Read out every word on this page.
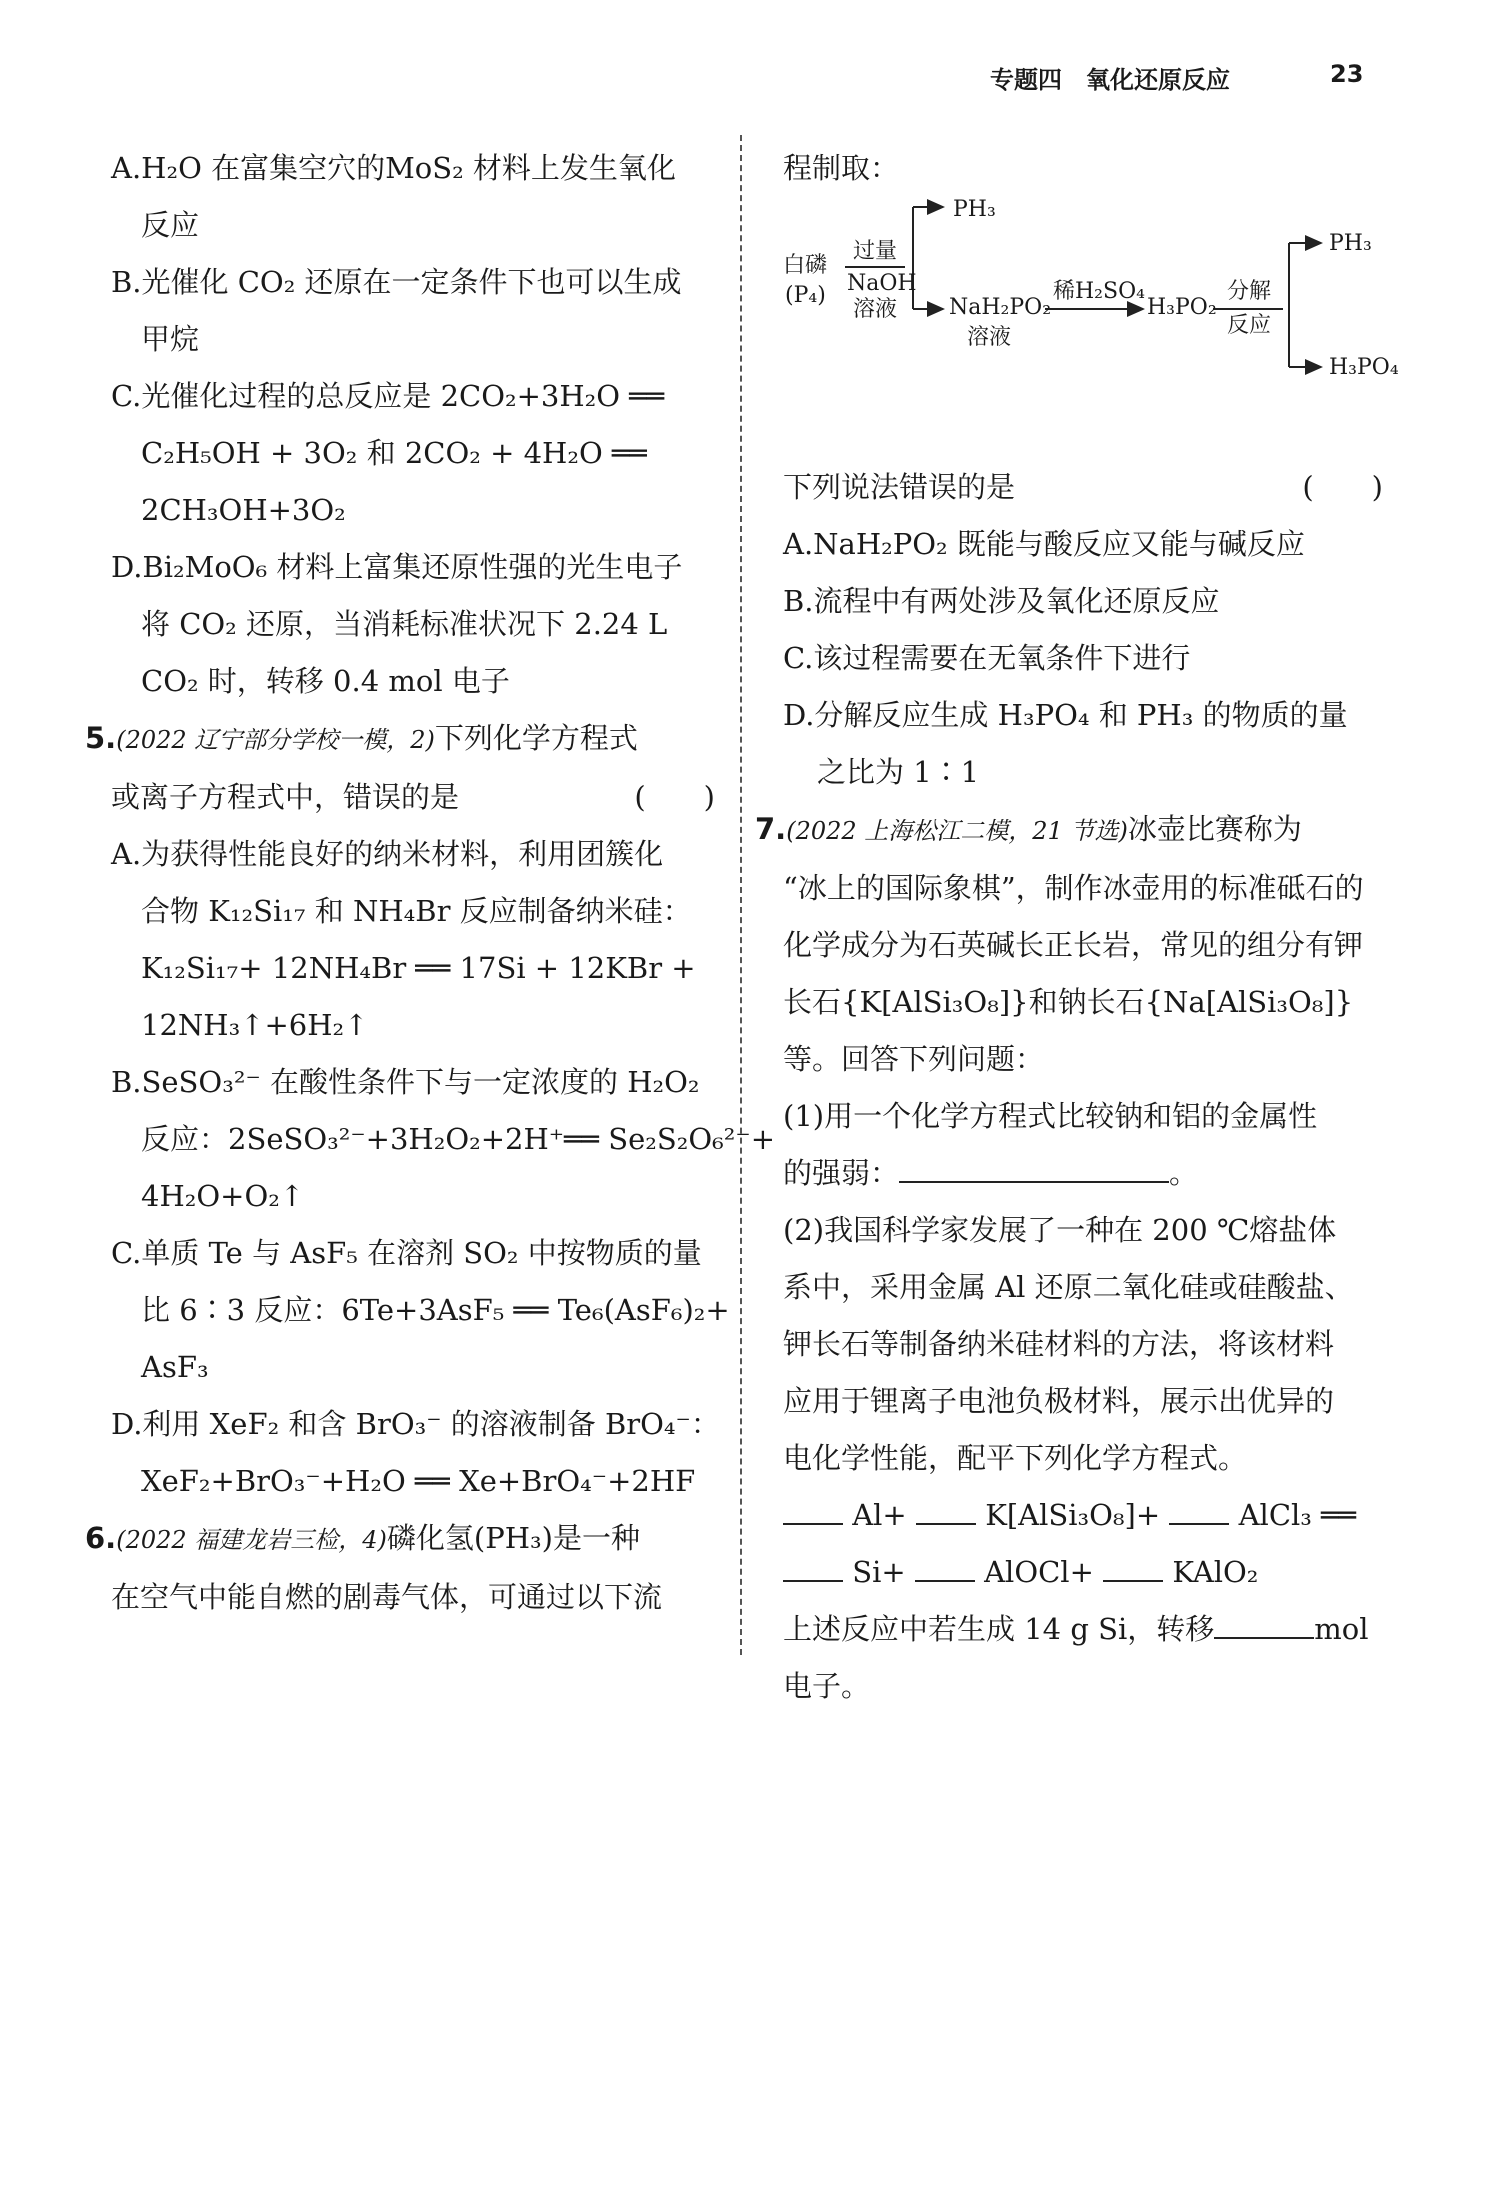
专题四　氧化还原反应	23

A.H₂O 在富集空穴的MoS₂ 材料上发生氧化

反应

B.光催化 CO₂ 还原在一定条件下也可以生成

甲烷

C.光催化过程的总反应是 2CO₂+3H₂O ══

C₂H₅OH + 3O₂ 和 2CO₂ + 4H₂O ══

2CH₃OH+3O₂

D.Bi₂MoO₆ 材料上富集还原性强的光生电子

将 CO₂ 还原，当消耗标准状况下 2.24 L

CO₂ 时，转移 0.4 mol 电子

5.(2022 辽宁部分学校一模，2)下列化学方程式

或离子方程式中，错误的是	(　　)

A.为获得性能良好的纳米材料，利用团簇化

合物 K₁₂Si₁₇ 和 NH₄Br 反应制备纳米硅：

K₁₂Si₁₇+ 12NH₄Br ══ 17Si + 12KBr +

12NH₃↑+6H₂↑

B.SeSO₃²⁻ 在酸性条件下与一定浓度的 H₂O₂

反应：2SeSO₃²⁻+3H₂O₂+2H⁺══ Se₂S₂O₆²⁻+

4H₂O+O₂↑

C.单质 Te 与 AsF₅ 在溶剂 SO₂ 中按物质的量

比 6∶3 反应：6Te+3AsF₅ ══ Te₆(AsF₆)₂+

AsF₃

D.利用 XeF₂ 和含 BrO₃⁻ 的溶液制备 BrO₄⁻：

XeF₂+BrO₃⁻+H₂O ══ Xe+BrO₄⁻+2HF

6.(2022 福建龙岩三检，4)磷化氢(PH₃)是一种

在空气中能自燃的剧毒气体，可通过以下流

程制取：

白磷
(P₄)
过量
NaOH
溶液
PH₃
NaH₂PO₂
溶液
稀H₂SO₄
H₃PO₂
分解
反应
PH₃
H₃PO₄

下列说法错误的是	(　　)

A.NaH₂PO₂ 既能与酸反应又能与碱反应

B.流程中有两处涉及氧化还原反应

C.该过程需要在无氧条件下进行

D.分解反应生成 H₃PO₄ 和 PH₃ 的物质的量

之比为 1∶1

7.(2022 上海松江二模，21 节选)冰壶比赛称为

“冰上的国际象棋”，制作冰壶用的标准砥石的

化学成分为石英碱长正长岩，常见的组分有钾

长石{K[AlSi₃O₈]}和钠长石{Na[AlSi₃O₈]}

等。回答下列问题：

(1)用一个化学方程式比较钠和铝的金属性

的强弱：	。

(2)我国科学家发展了一种在 200 ℃熔盐体

系中，采用金属 Al 还原二氧化硅或硅酸盐、

钾长石等制备纳米硅材料的方法，将该材料

应用于锂离子电池负极材料，展示出优异的

电化学性能，配平下列化学方程式。

Al+	K[AlSi₃O₈]+	AlCl₃ ══

Si+	AlOCl+	KAlO₂

上述反应中若生成 14 g Si，转移	mol

电子。
